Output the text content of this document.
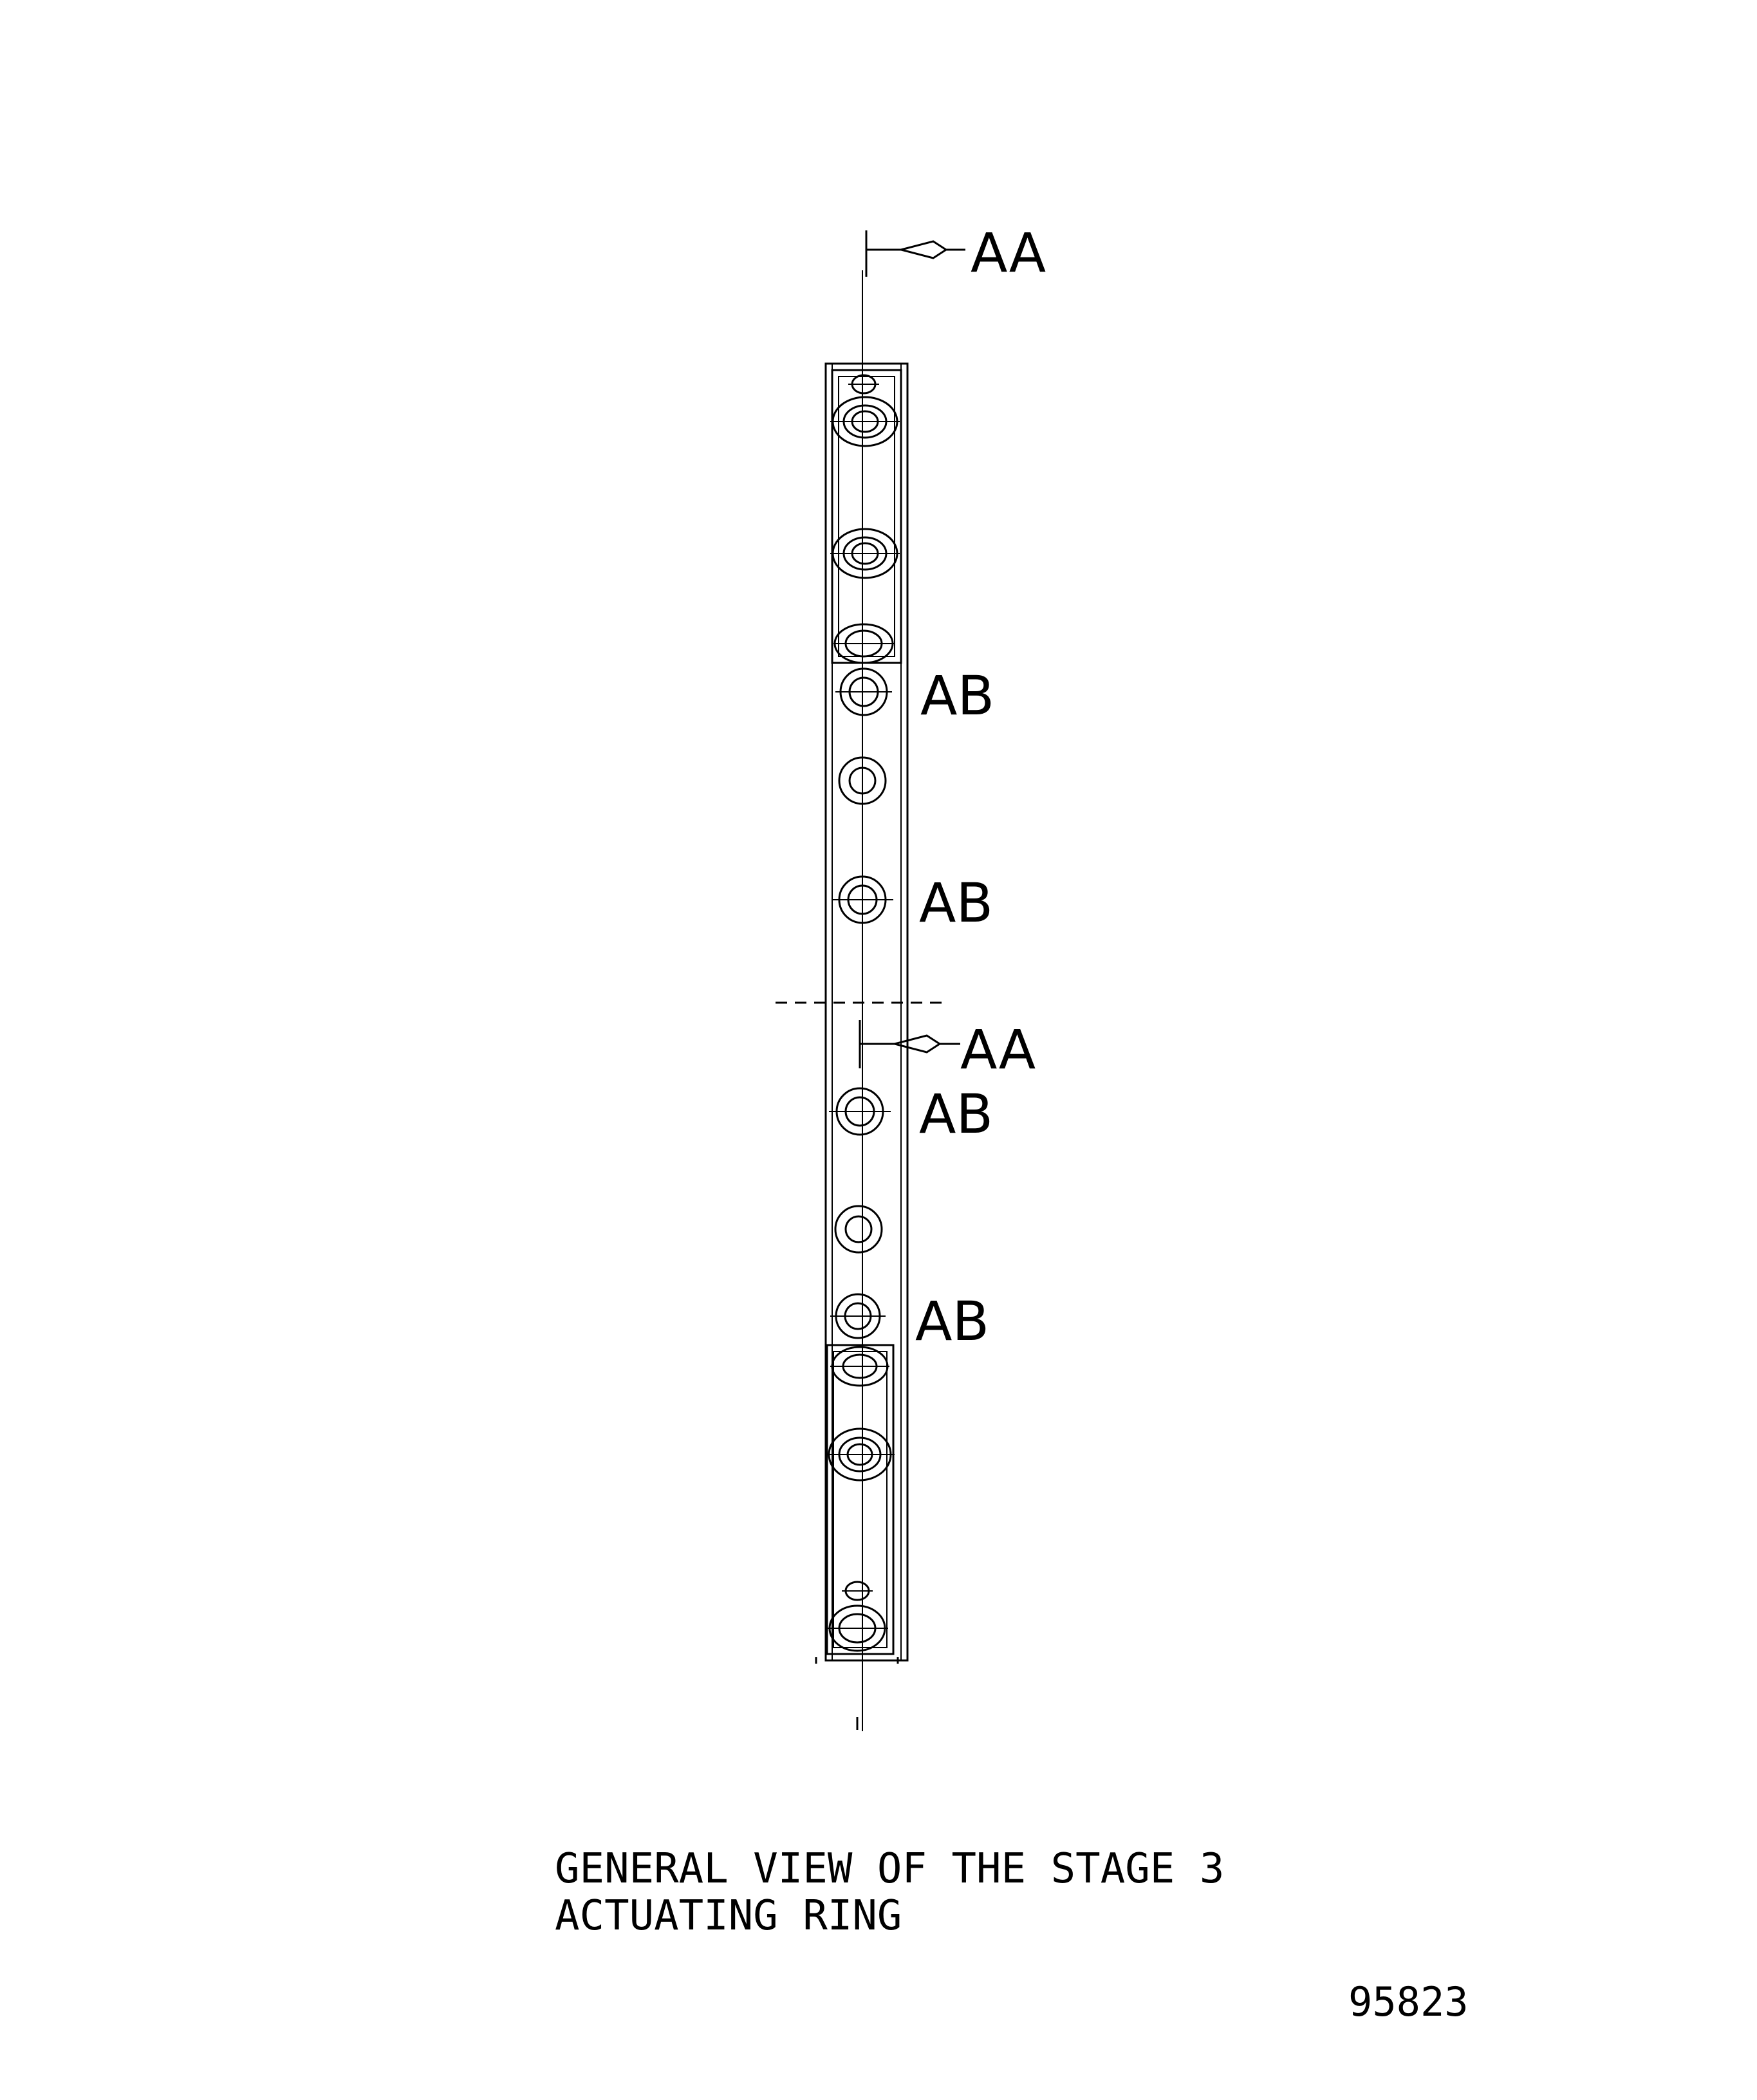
AA
AA
AB
AB
AB
AB
GENERAL VIEW OF THE STAGE 3
ACTUATING RING
95823
